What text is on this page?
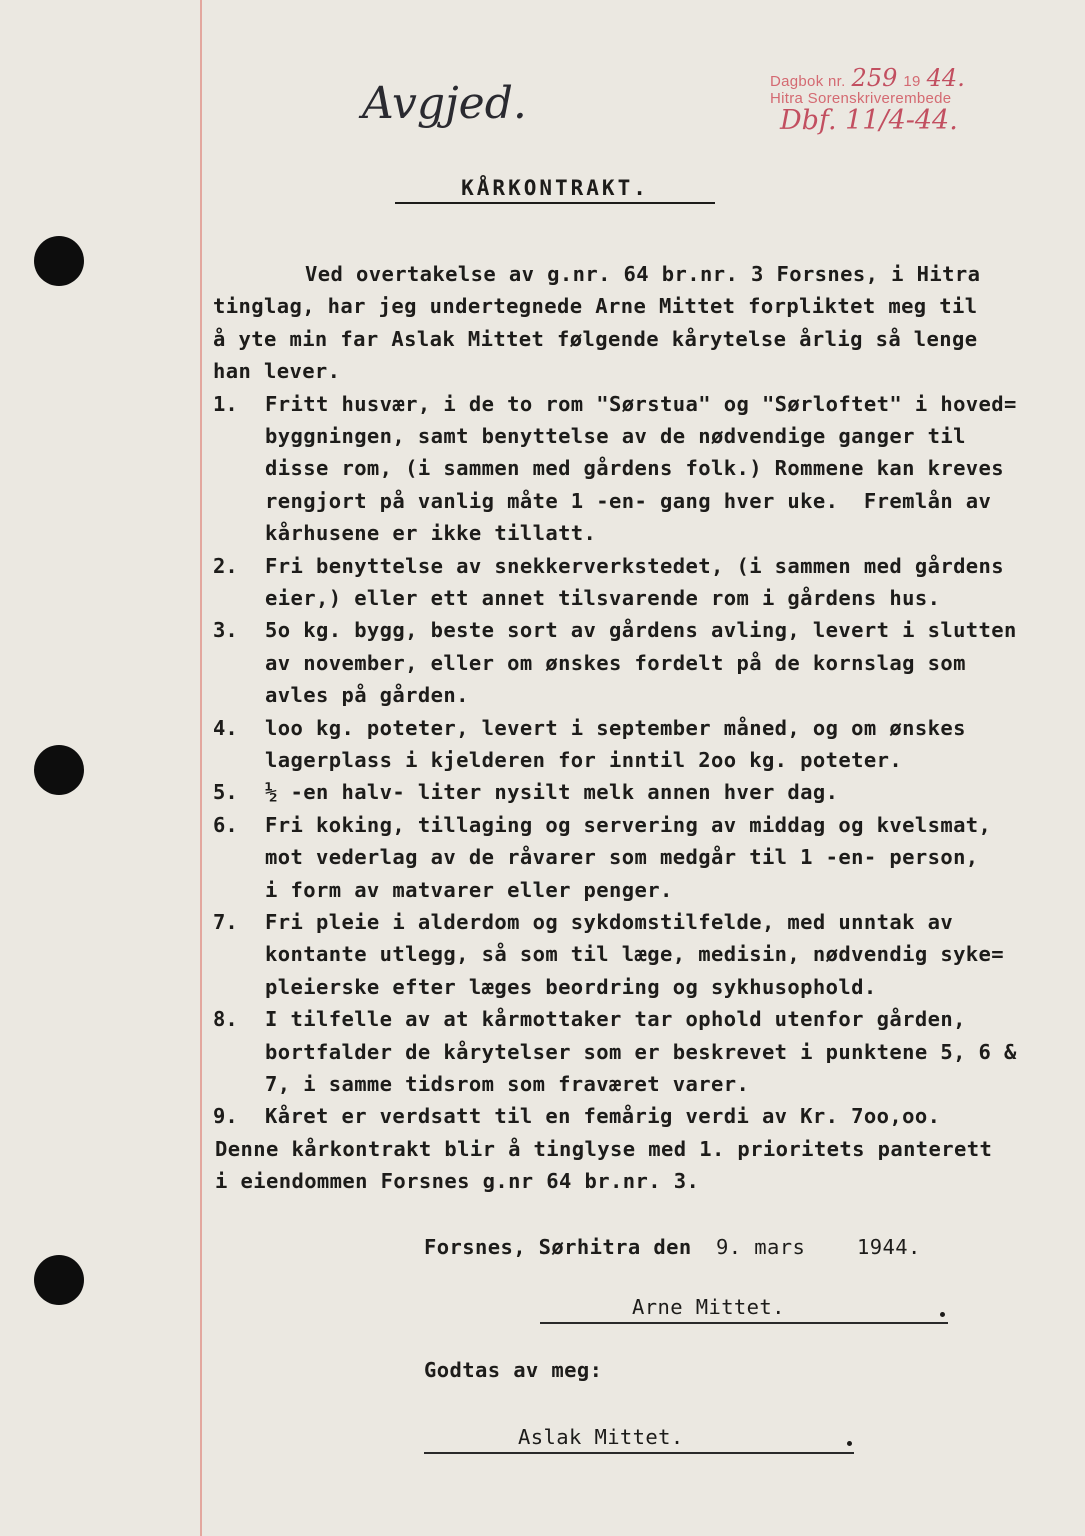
Avgjed.	Dagbok nr. 259 19 44.
Hitra Sorenskriverembede
Dbf. 11/4-44.
KÅRKONTRAKT.
Ved overtakelse av g.nr. 64 br.nr. 3 Forsnes, i Hitra
tinglag, har jeg undertegnede Arne Mittet forpliktet meg til
å yte min far Aslak Mittet følgende kårytelse årlig så lenge
han lever.
1. Fritt husvær, i de to rom "Sørstua" og "Sørloftet" i hoved=
byggningen, samt benyttelse av de nødvendige ganger til
disse rom, (i sammen med gårdens folk.) Rommene kan kreves
rengjort på vanlig måte 1 -en- gang hver uke.  Fremlån av
kårhusene er ikke tillatt.
2. Fri benyttelse av snekkerverkstedet, (i sammen med gårdens
eier,) eller ett annet tilsvarende rom i gårdens hus.
3. 5o kg. bygg, beste sort av gårdens avling, levert i slutten
av november, eller om ønskes fordelt på de kornslag som
avles på gården.
4. loo kg. poteter, levert i september måned, og om ønskes
lagerplass i kjelderen for inntil 2oo kg. poteter.
5. ½ -en halv- liter nysilt melk annen hver dag.
6. Fri koking, tillaging og servering av middag og kvelsmat,
mot vederlag av de råvarer som medgår til 1 -en- person,
i form av matvarer eller penger.
7. Fri pleie i alderdom og sykdomstilfelde, med unntak av
kontante utlegg, så som til læge, medisin, nødvendig syke=
pleierske efter læges beordring og sykhusophold.
8. I tilfelle av at kårmottaker tar ophold utenfor gården,
bortfalder de kårytelser som er beskrevet i punktene 5, 6 &
7, i samme tidsrom som fraværet varer.
9. Kåret er verdsatt til en femårig verdi av Kr. 7oo,oo.
Denne kårkontrakt blir å tinglyse med 1. prioritets panterett
i eiendommen Forsnes g.nr 64 br.nr. 3.
Forsnes, Sørhitra den 9. mars	1944.
Arne Mittet.
Godtas av meg:
Aslak Mittet.
